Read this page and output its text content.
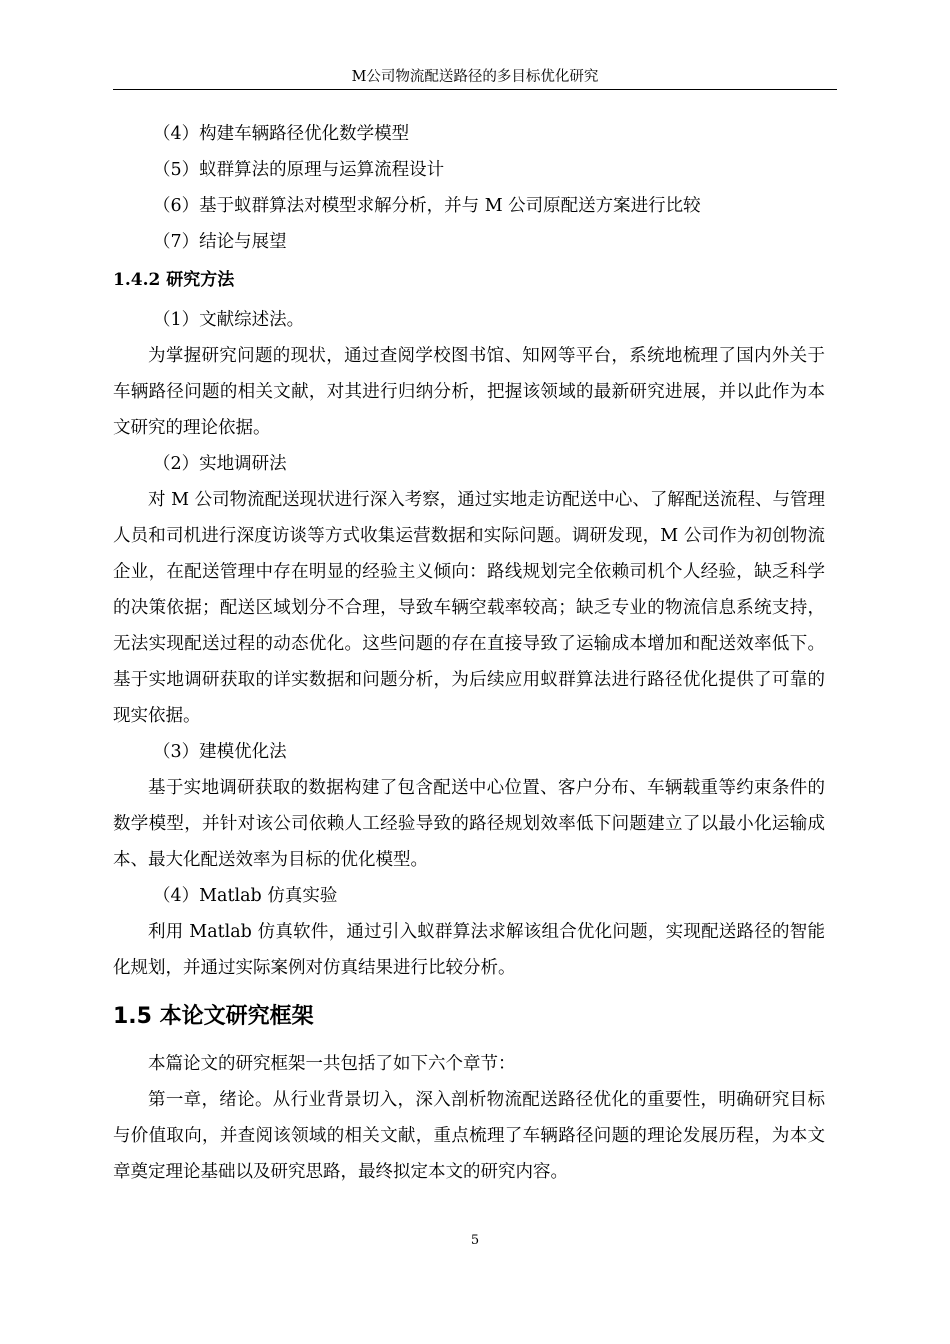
M公司物流配送路径的多目标优化研究

（4）构建车辆路径优化数学模型

（5）蚁群算法的原理与运算流程设计

（6）基于蚁群算法对模型求解分析，并与 M 公司原配送方案进行比较

（7）结论与展望

1.4.2 研究方法

（1）文献综述法。

为掌握研究问题的现状，通过查阅学校图书馆、知网等平台，系统地梳理了国内外关于车辆路径问题的相关文献，对其进行归纳分析，把握该领域的最新研究进展，并以此作为本文研究的理论依据。

（2）实地调研法

对 M 公司物流配送现状进行深入考察，通过实地走访配送中心、了解配送流程、与管理人员和司机进行深度访谈等方式收集运营数据和实际问题。调研发现，M 公司作为初创物流企业，在配送管理中存在明显的经验主义倾向：路线规划完全依赖司机个人经验，缺乏科学的决策依据；配送区域划分不合理，导致车辆空载率较高；缺乏专业的物流信息系统支持，无法实现配送过程的动态优化。这些问题的存在直接导致了运输成本增加和配送效率低下。基于实地调研获取的详实数据和问题分析，为后续应用蚁群算法进行路径优化提供了可靠的现实依据。

（3）建模优化法

基于实地调研获取的数据构建了包含配送中心位置、客户分布、车辆载重等约束条件的数学模型，并针对该公司依赖人工经验导致的路径规划效率低下问题建立了以最小化运输成本、最大化配送效率为目标的优化模型。

（4）Matlab 仿真实验

利用 Matlab 仿真软件，通过引入蚁群算法求解该组合优化问题，实现配送路径的智能化规划，并通过实际案例对仿真结果进行比较分析。

1.5 本论文研究框架

本篇论文的研究框架一共包括了如下六个章节：

第一章，绪论。从行业背景切入，深入剖析物流配送路径优化的重要性，明确研究目标与价值取向，并查阅该领域的相关文献，重点梳理了车辆路径问题的理论发展历程，为本文章奠定理论基础以及研究思路，最终拟定本文的研究内容。

5
